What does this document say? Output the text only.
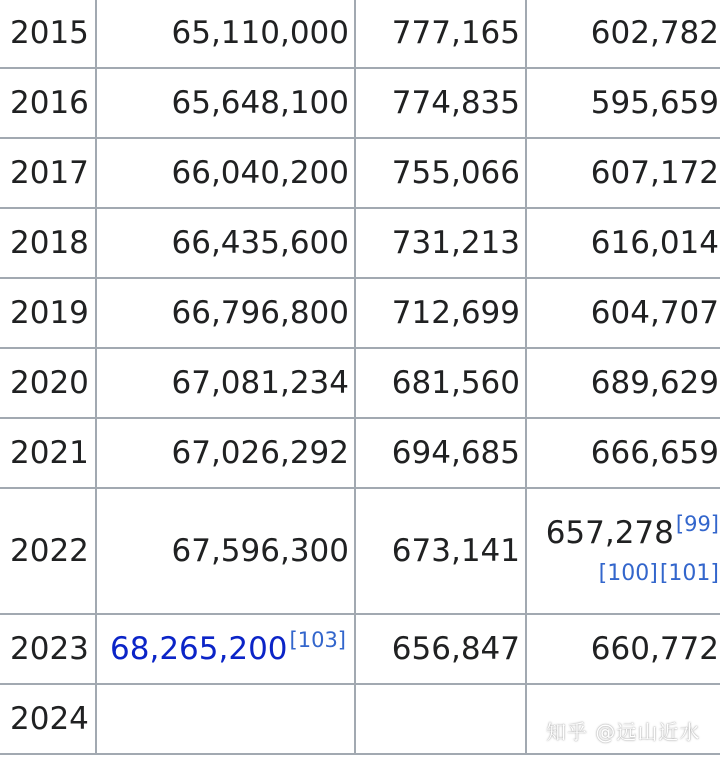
2015	65,110,000	777,165	602,782
2016	65,648,100	774,835	595,659
2017	66,040,200	755,066	607,172
2018	66,435,600	731,213	616,014
2019	66,796,800	712,699	604,707
2020	67,081,234	681,560	689,629
2021	67,026,292	694,685	666,659
2022	67,596,300	673,141	657,278[99]
[100][101]

2023	68,265,200[103]	656,847	660,772
2024				知乎 @远山近水
